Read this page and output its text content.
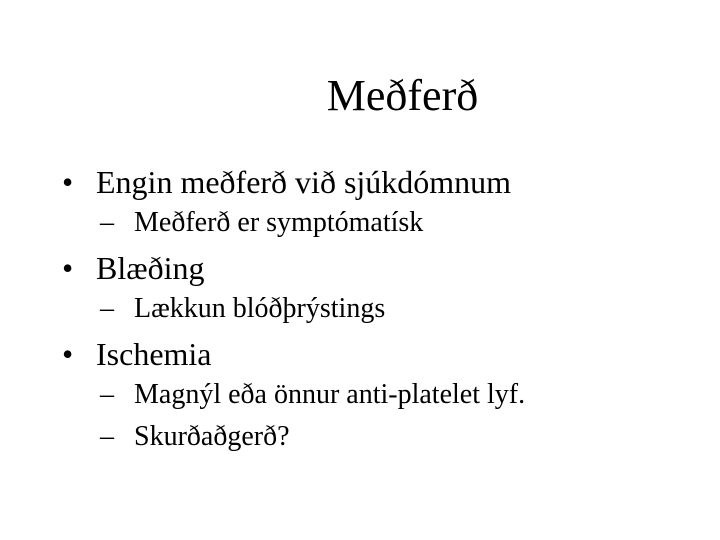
Meðferð
• Engin meðferð við sjúkdómnum
– Meðferð er symptómatísk
• Blæðing
– Lækkun blóðþrýstings
• Ischemia
– Magnýl eða önnur anti-platelet lyf.
– Skurðaðgerð?
